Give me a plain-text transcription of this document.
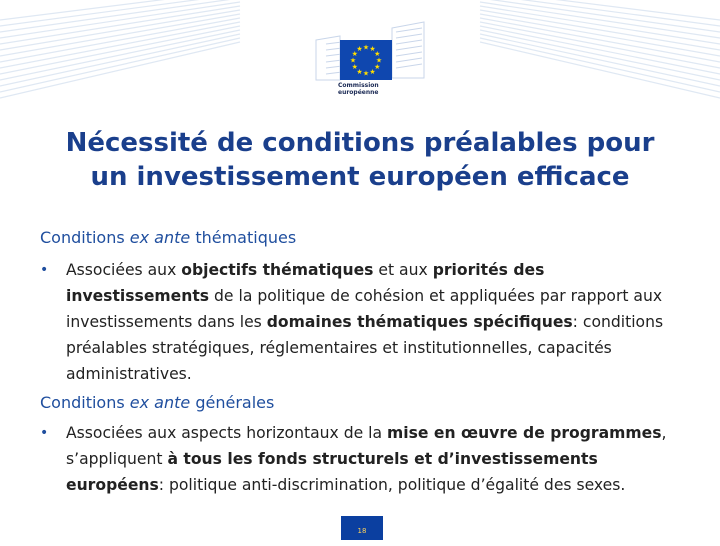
★ ★
★
★
★
★
★
★
★
★
★
★
Commission
européenne
Nécessité de conditions préalables pour
un investissement européen efficace
Conditions ex ante thématiques
• Associées aux objectifs thématiques et aux priorités des investissements de la politique de cohésion et appliquées par rapport aux investissements dans les domaines thématiques spécifiques: conditions préalables stratégiques, réglementaires et institutionnelles, capacités administratives.
Conditions ex ante générales
• Associées aux aspects horizontaux de la mise en œuvre de programmes, s’appliquent à tous les fonds structurels et d’investissements européens: politique anti-discrimination, politique d’égalité des sexes.
18
